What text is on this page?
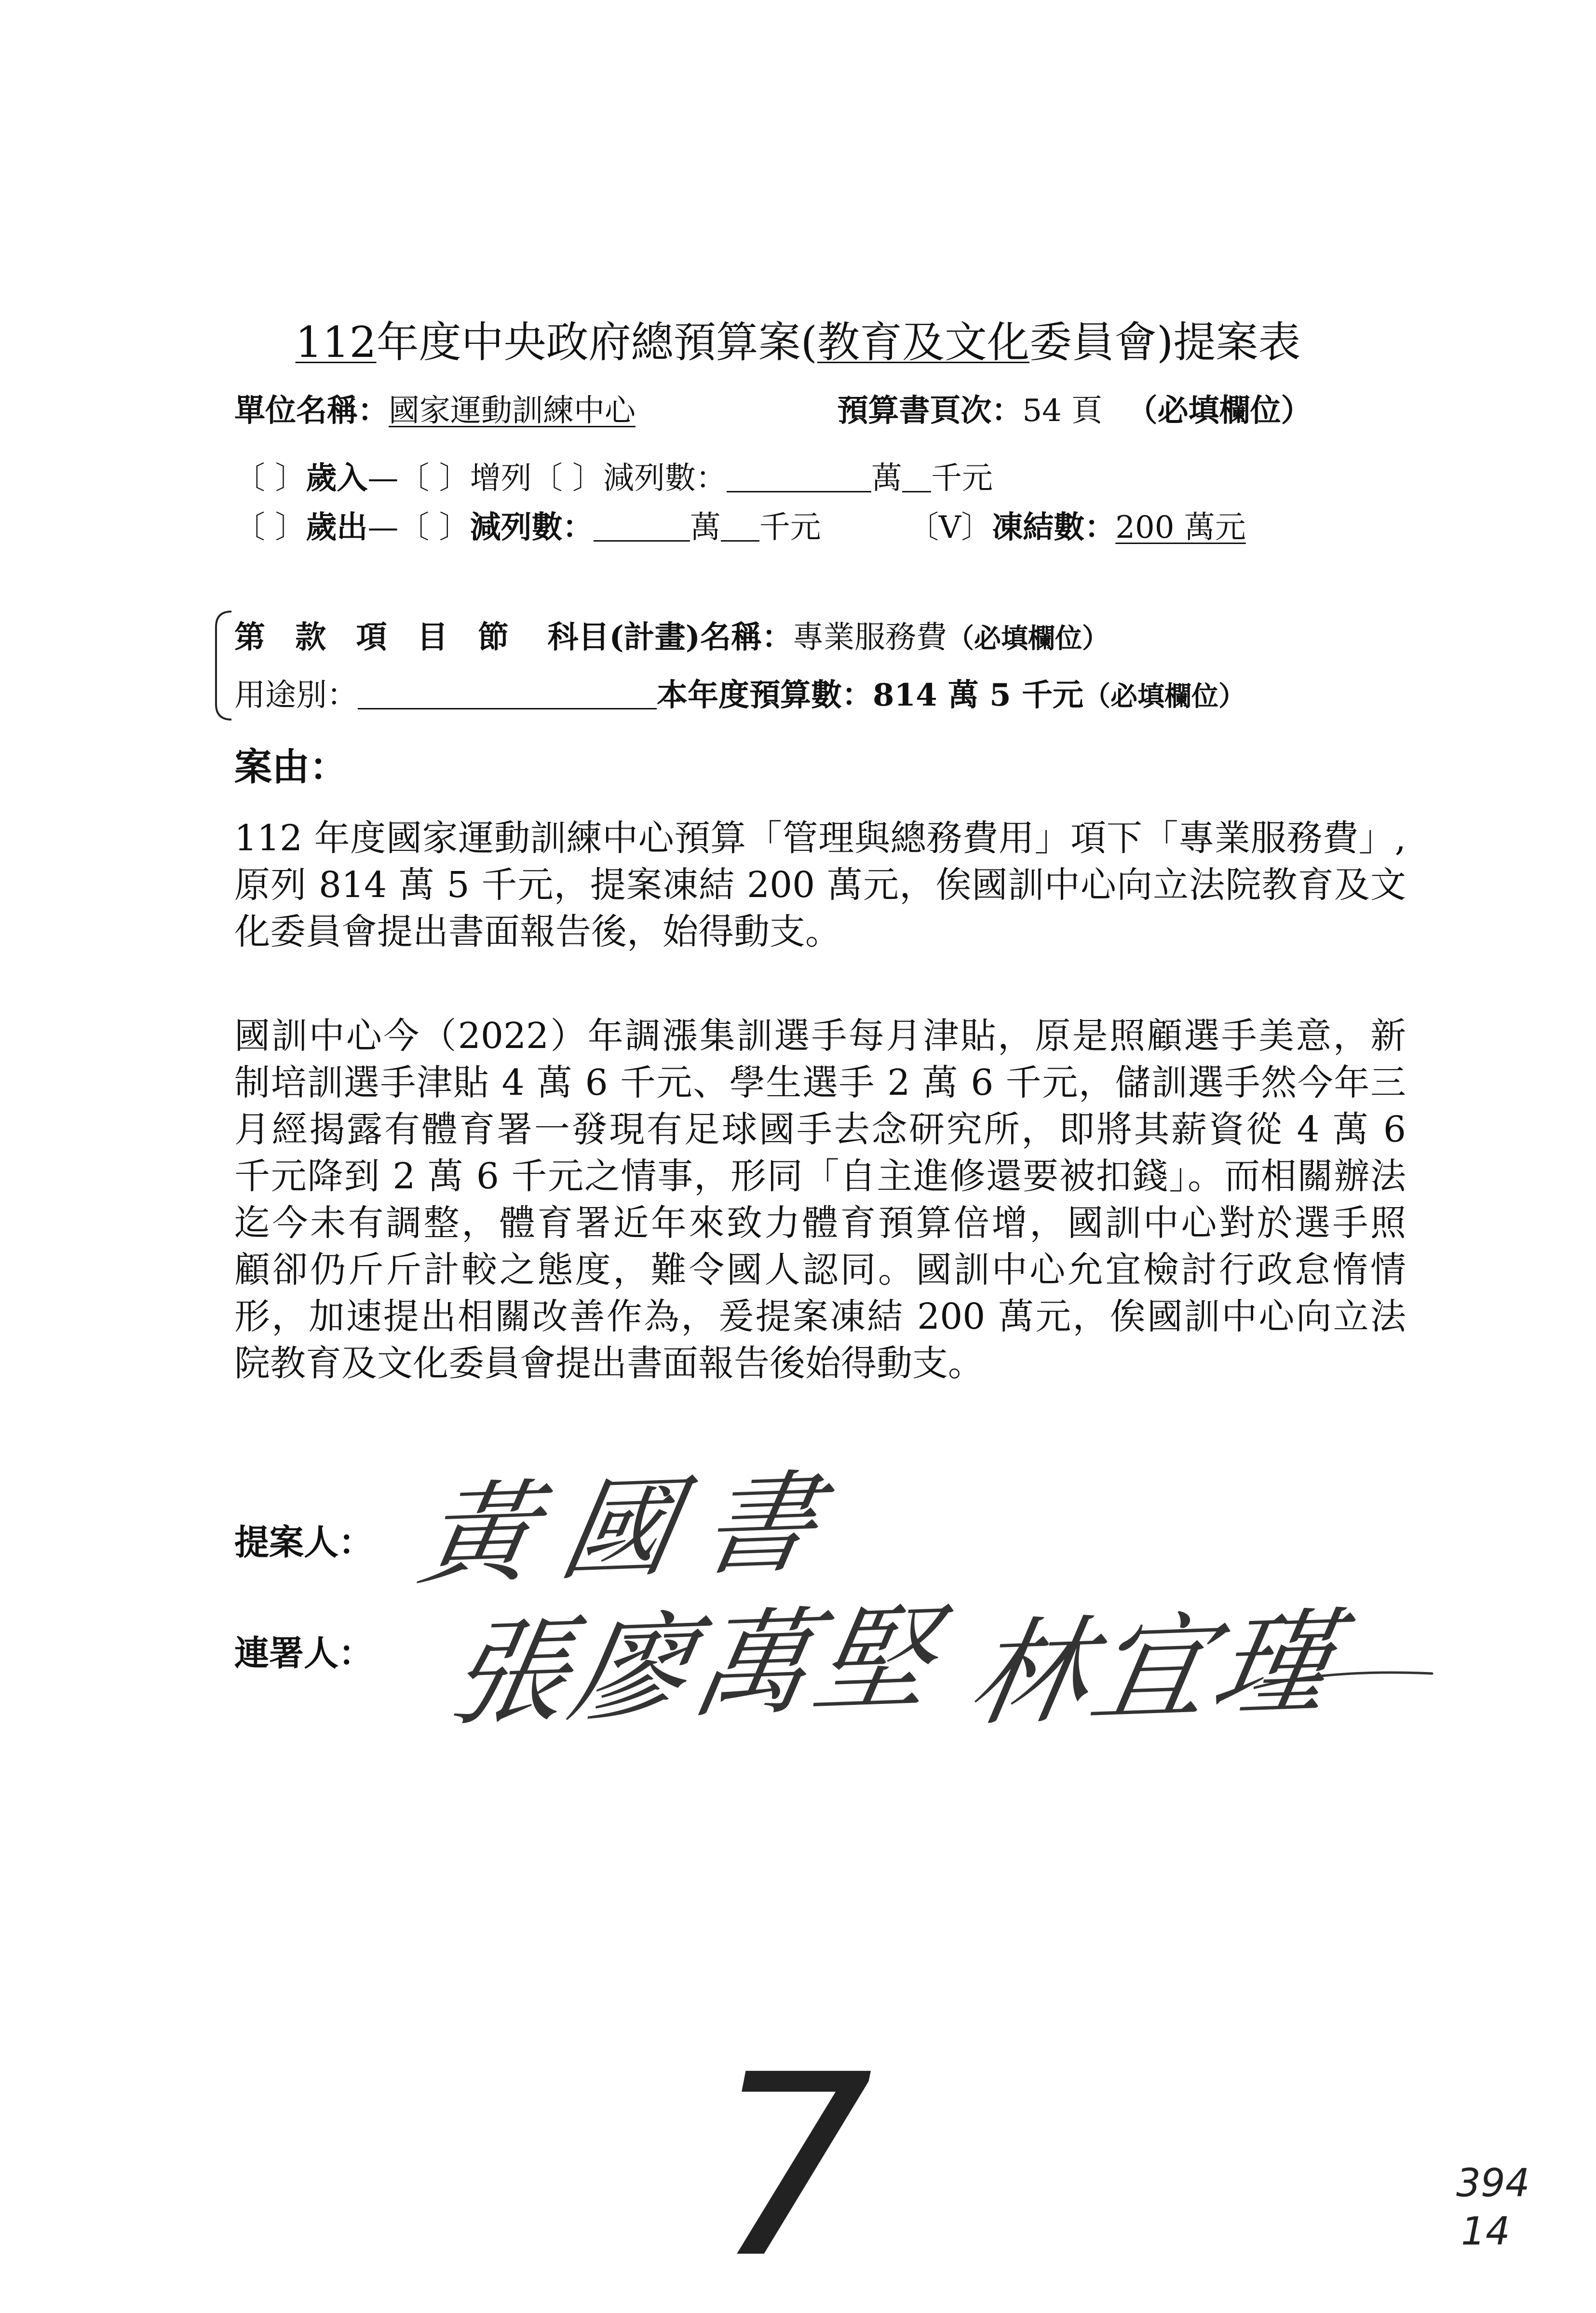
112年度中央政府總預算案(教育及文化委員會)提案表
單位名稱：國家運動訓練中心	預算書頁次：54 頁 （必填欄位）
〔 〕歲入—〔 〕增列〔 〕減列數：	萬 千元
〔 〕歲出—〔 〕減列數：	萬 千元	〔V〕凍結數：200 萬元
第 款 項 目 節 科目(計畫)名稱：專業服務費（必填欄位）
用途別：	本年度預算數：814 萬 5 千元（必填欄位）
案由：
112 年度國家運動訓練中心預算「管理與總務費用」項下「專業服務費」,
原列 814 萬 5 千元，提案凍結 200 萬元，俟國訓中心向立法院教育及文
化委員會提出書面報告後，始得動支。
國訓中心今（2022）年調漲集訓選手每月津貼，原是照顧選手美意，新
制培訓選手津貼 4 萬 6 千元、學生選手 2 萬 6 千元，儲訓選手然今年三
月經揭露有體育署一發現有足球國手去念研究所，即將其薪資從 4 萬 6
千元降到 2 萬 6 千元之情事，形同「自主進修還要被扣錢」。而相關辦法
迄今未有調整，體育署近年來致力體育預算倍增，國訓中心對於選手照
顧卻仍斤斤計較之態度，難令國人認同。國訓中心允宜檢討行政怠惰情
形，加速提出相關改善作為，爰提案凍結 200 萬元，俟國訓中心向立法
院教育及文化委員會提出書面報告後始得動支。
提案人：
連署人：
黃國書
張廖萬堅 林宜瑾
7	394
14
